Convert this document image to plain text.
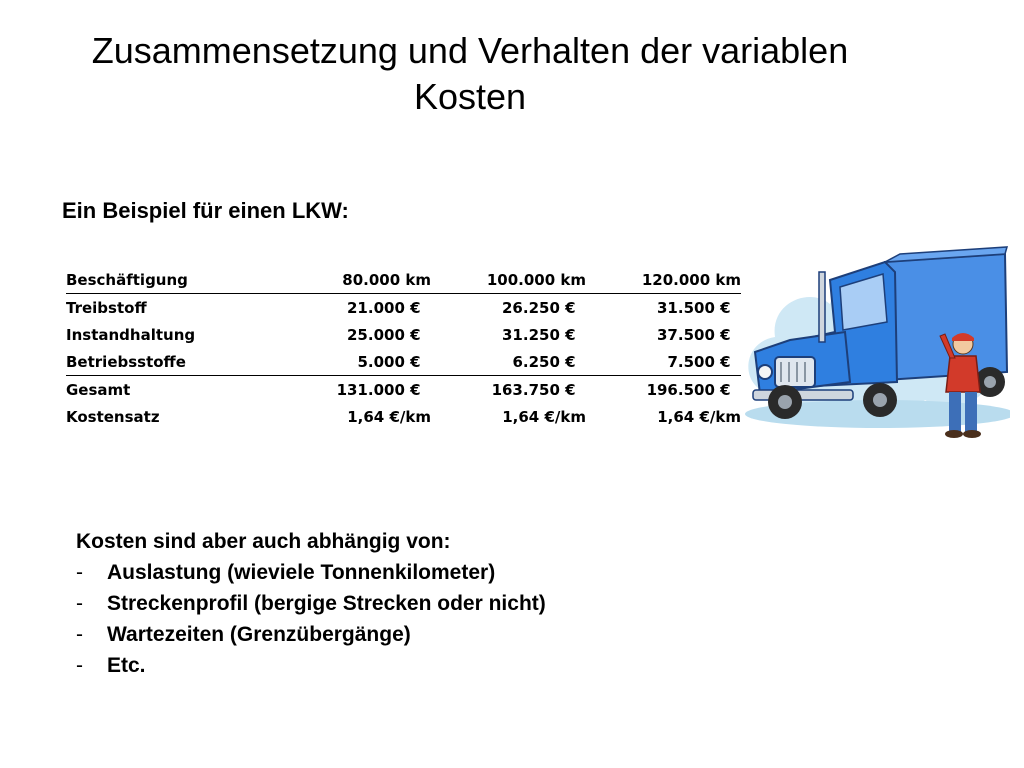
Zusammensetzung und Verhalten der variablen
Kosten
Ein Beispiel für einen LKW:
Beschäftigung	80.000 km	100.000 km	120.000 km
Treibstoff	21.000 €	26.250 €	31.500 €
Instandhaltung	25.000 €	31.250 €	37.500 €
Betriebsstoffe	5.000 €	6.250 €	7.500 €
Gesamt	131.000 €	163.750 €	196.500 €
Kostensatz	1,64 €/km	1,64 €/km	1,64 €/km
Kosten sind aber auch abhängig von:
-	Auslastung (wieviele Tonnenkilometer)
-	Streckenprofil (bergige Strecken oder nicht)
-	Wartezeiten (Grenzübergänge)
-	Etc.
